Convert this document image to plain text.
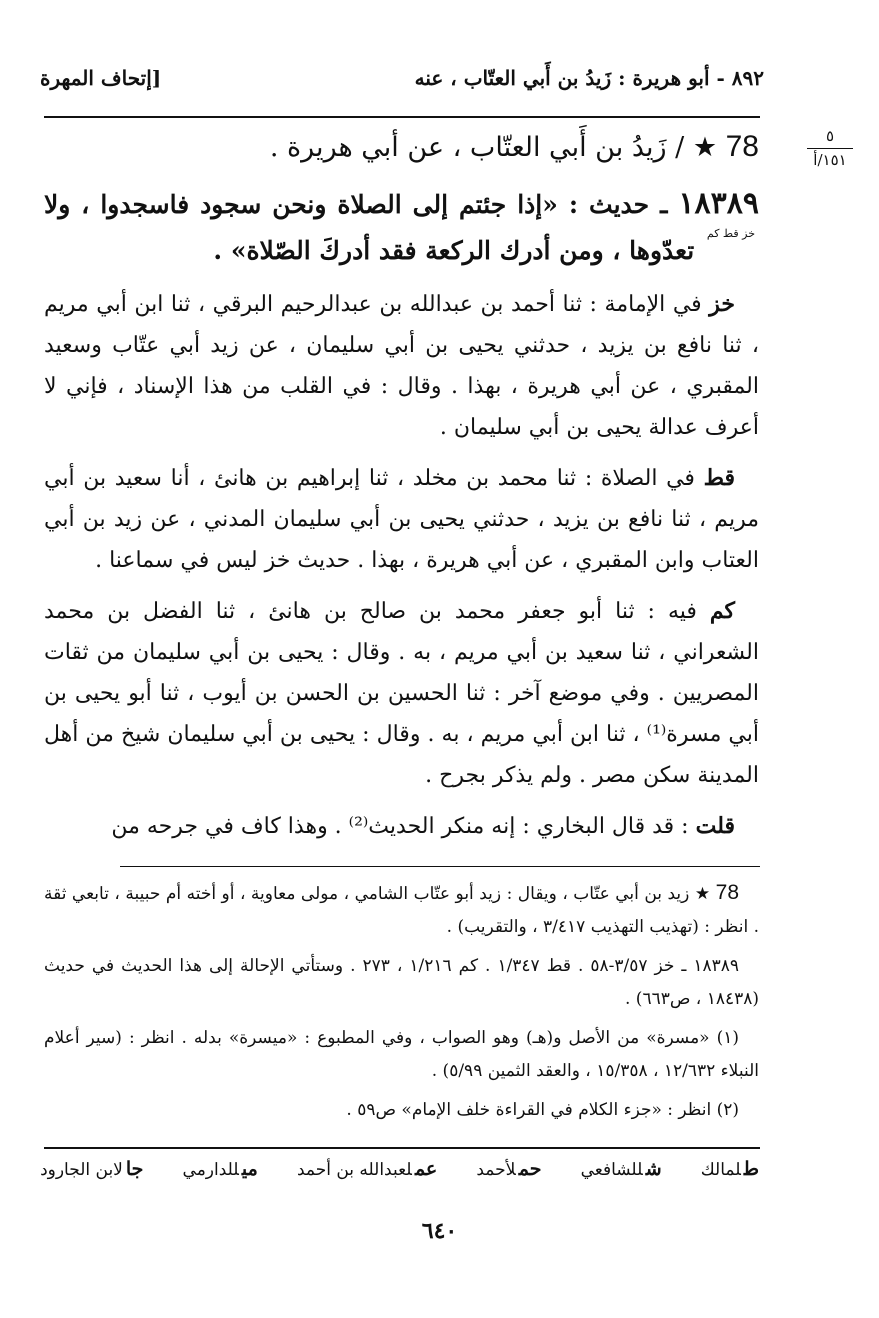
٨٩٢ - أبو هريرة : زَيدُ بن أَبي العتّاب ، عنه
[إتحاف المهرة
٥
١٥١/أ
78 ★ / زَيدُ بن أَبي العتّاب ، عن أبي هريرة .
١٨٣٨٩ ـ حديث : «إذا جئتم إلى الصلاة ونحن سجود فاسجدوا ، ولا خز قط كم تعدّوها ، ومن أدرك الركعة فقد أدركَ الصّلاة» .

خز في الإمامة : ثنا أحمد بن عبدالله بن عبدالرحيم البرقي ، ثنا ابن أبي مريم ، ثنا نافع بن يزيد ، حدثني يحيى بن أبي سليمان ، عن زيد أبي عتّاب وسعيد المقبري ، عن أبي هريرة ، بهذا . وقال : في القلب من هذا الإسناد ، فإني لا أعرف عدالة يحيى بن أبي سليمان .

قط في الصلاة : ثنا محمد بن مخلد ، ثنا إبراهيم بن هانئ ، أنا سعيد بن أبي مريم ، ثنا نافع بن يزيد ، حدثني يحيى بن أبي سليمان المدني ، عن زيد بن أبي العتاب وابن المقبري ، عن أبي هريرة ، بهذا . حديث خز ليس في سماعنا .

كم فيه : ثنا أبو جعفر محمد بن صالح بن هانئ ، ثنا الفضل بن محمد الشعراني ، ثنا سعيد بن أبي مريم ، به . وقال : يحيى بن أبي سليمان من ثقات المصريين . وفي موضع آخر : ثنا الحسين بن الحسن بن أيوب ، ثنا أبو يحيى بن أبي مسرة⁽¹⁾ ، ثنا ابن أبي مريم ، به . وقال : يحيى بن أبي سليمان شيخ من أهل المدينة سكن مصر . ولم يذكر بجرح .

قلت : قد قال البخاري : إنه منكر الحديث⁽²⁾ . وهذا كاف في جرحه من

78 ★ زيد بن أبي عتّاب ، ويقال : زيد أبو عتّاب الشامي ، مولى معاوية ، أو أخته أم حبيبة ، تابعي ثقة . انظر : (تهذيب التهذيب ٣/٤١٧ ، والتقريب) .

١٨٣٨٩ ـ خز ٣/٥٧-٥٨ . قط ١/٣٤٧ . كم ١/٢١٦ ، ٢٧٣ . وستأتي الإحالة إلى هذا الحديث في حديث (١٨٤٣٨ ، ص٦٦٣) .

(١) «مسرة» من الأصل و(هـ) وهو الصواب ، وفي المطبوع : «ميسرة» بدله . انظر : (سير أعلام النبلاء ١٢/٦٣٢ ، ١٥/٣٥٨ ، والعقد الثمين ٥/٩٩) .

(٢) انظر : «جزء الكلام في القراءة خلف الإمام» ص٥٩ .

طلمالك
شللشافعي
حملأحمد
عملعبدالله بن أحمد
ميللدارمي
جالابن الجارود
٦٤٠
